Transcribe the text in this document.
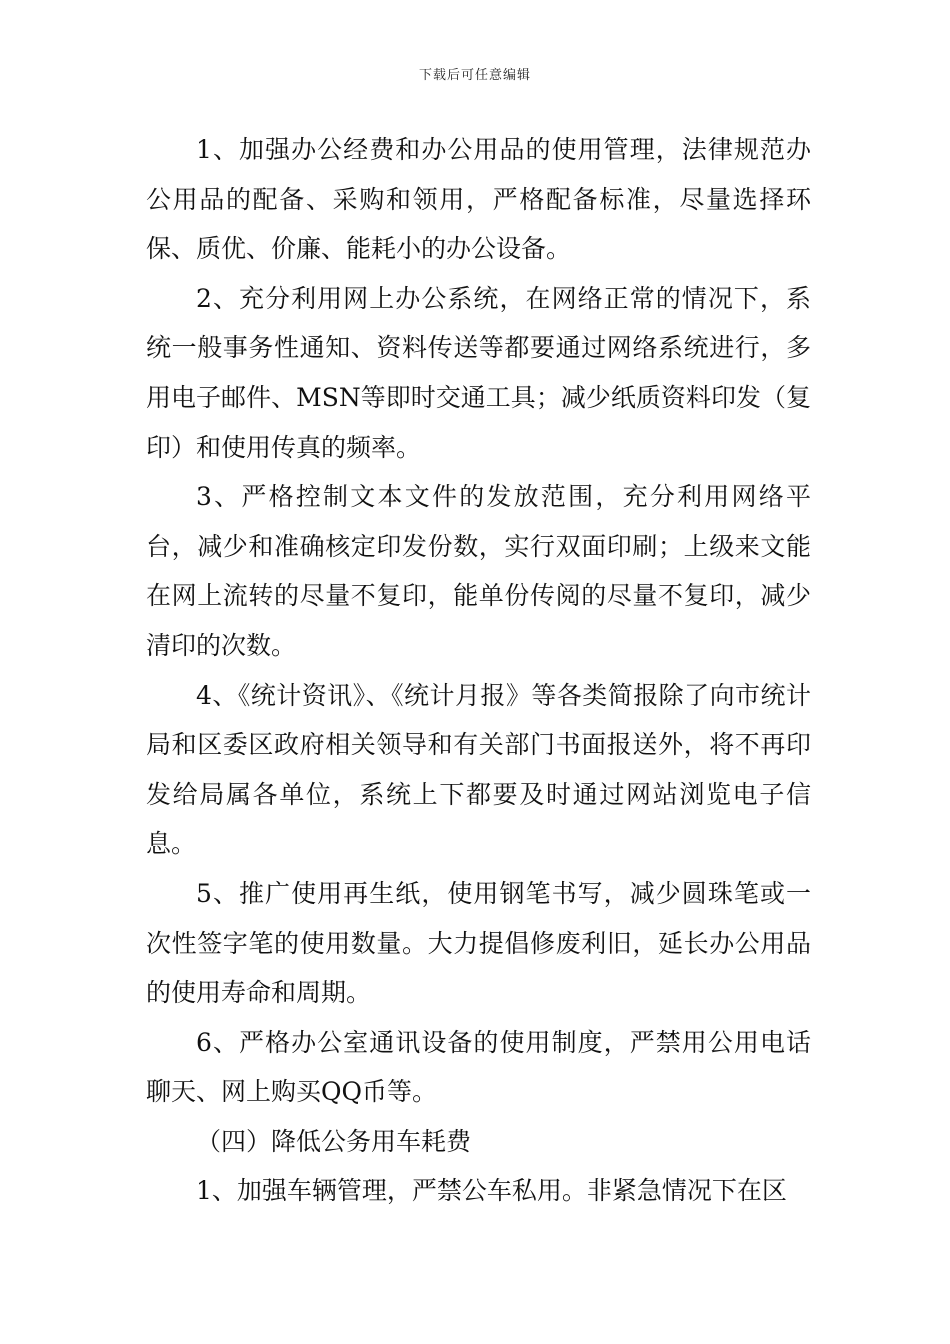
下载后可任意编辑

1、加强办公经费和办公用品的使用管理，法律规范办公用品的配备、采购和领用，严格配备标准，尽量选择环保、质优、价廉、能耗小的办公设备。

2、充分利用网上办公系统，在网络正常的情况下，系统一般事务性通知、资料传送等都要通过网络系统进行，多用电子邮件、MSN等即时交通工具；减少纸质资料印发（复印）和使用传真的频率。

3、严格控制文本文件的发放范围，充分利用网络平台，减少和准确核定印发份数，实行双面印刷；上级来文能在网上流转的尽量不复印，能单份传阅的尽量不复印，减少清印的次数。

4、《统计资讯》、《统计月报》等各类简报除了向市统计局和区委区政府相关领导和有关部门书面报送外，将不再印发给局属各单位，系统上下都要及时通过网站浏览电子信息。

5、推广使用再生纸，使用钢笔书写，减少圆珠笔或一次性签字笔的使用数量。大力提倡修废利旧，延长办公用品的使用寿命和周期。

6、严格办公室通讯设备的使用制度，严禁用公用电话聊天、网上购买QQ币等。

（四）降低公务用车耗费

1、加强车辆管理，严禁公车私用。非紧急情况下在区
